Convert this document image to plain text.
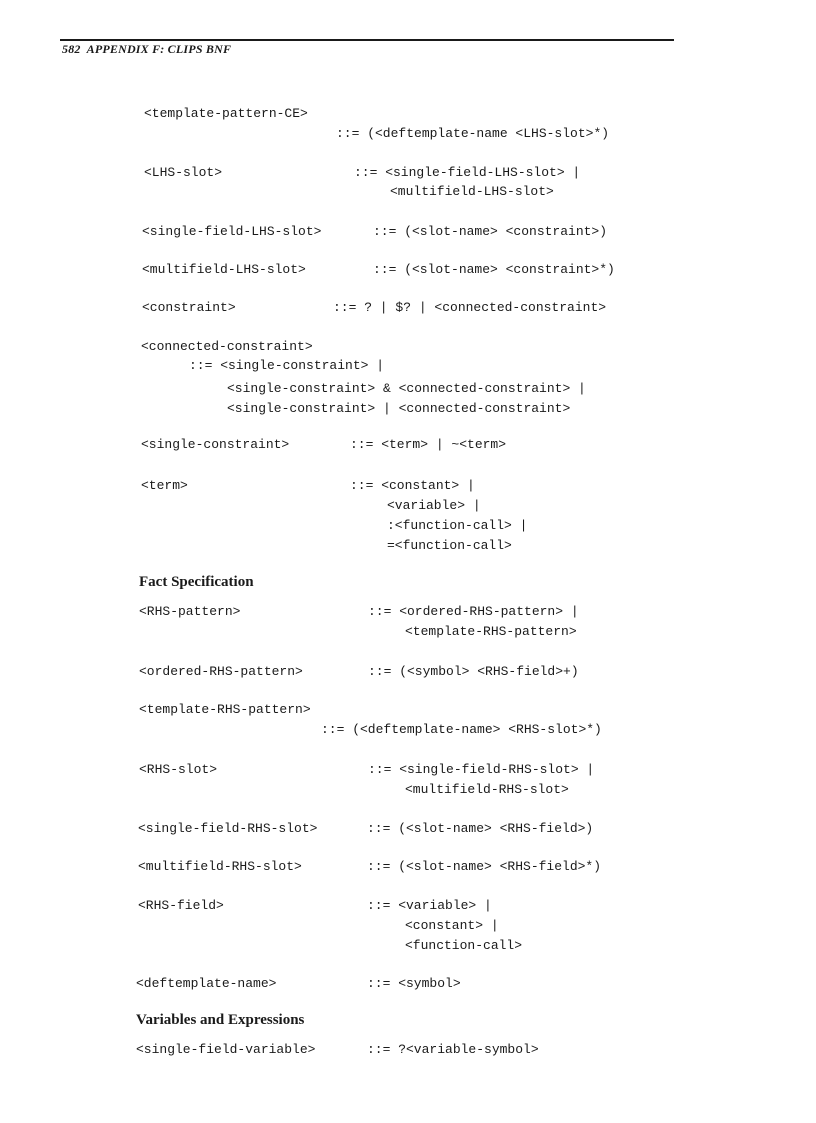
582 APPENDIX F: CLIPS BNF
<template-pattern-CE>
::= (<deftemplate-name <LHS-slot>*)
<LHS-slot>	::= <single-field-LHS-slot> |
<multifield-LHS-slot>
<single-field-LHS-slot>	::= (<slot-name> <constraint>)
<multifield-LHS-slot>	::= (<slot-name> <constraint>*)
<constraint>	::= ? | $? | <connected-constraint>
<connected-constraint>
::= <single-constraint> |
<single-constraint> & <connected-constraint> |
<single-constraint> | <connected-constraint>
<single-constraint>	::= <term> | ~<term>
<term>	::= <constant> |
<variable> |
:<function-call> |
=<function-call>
Fact Specification
<RHS-pattern>	::= <ordered-RHS-pattern> |
<template-RHS-pattern>
<ordered-RHS-pattern>	::= (<symbol> <RHS-field>+)
<template-RHS-pattern>
::= (<deftemplate-name> <RHS-slot>*)
<RHS-slot>	::= <single-field-RHS-slot> |
<multifield-RHS-slot>
<single-field-RHS-slot>	::= (<slot-name> <RHS-field>)
<multifield-RHS-slot>	::= (<slot-name> <RHS-field>*)
<RHS-field>	::= <variable> |
<constant> |
<function-call>
<deftemplate-name>	::= <symbol>
Variables and Expressions
<single-field-variable>	::= ?<variable-symbol>
